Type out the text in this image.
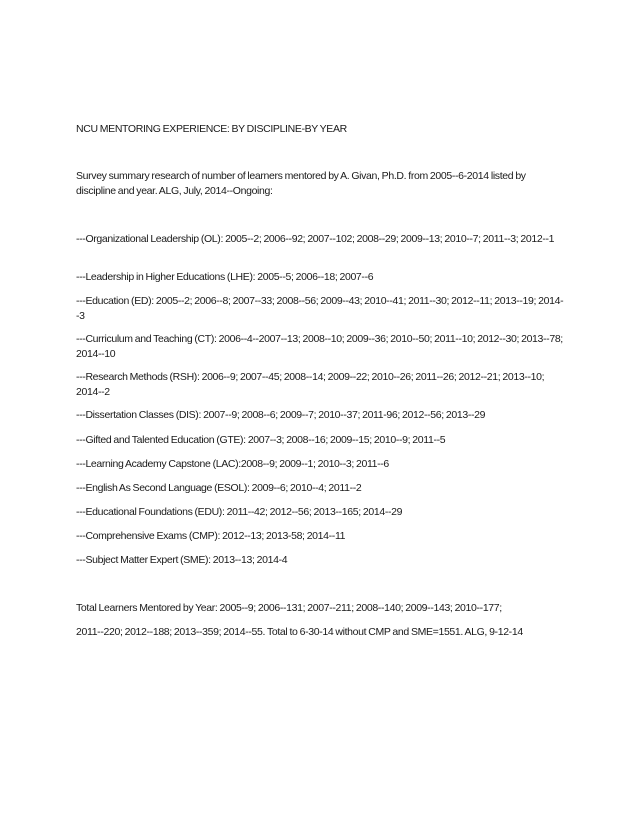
NCU MENTORING EXPERIENCE: BY DISCIPLINE-BY YEAR

Survey summary research of number of learners mentored by A. Givan, Ph.D. from 2005--6-2014 listed by discipline and year. ALG, July, 2014--Ongoing:

---Organizational Leadership (OL): 2005--2; 2006--92; 2007--102; 2008--29; 2009--13; 2010--7; 2011--3; 2012--1

---Leadership in Higher Educations (LHE): 2005--5; 2006--18; 2007--6

---Education (ED): 2005--2; 2006--8; 2007--33; 2008--56; 2009--43; 2010--41; 2011--30; 2012--11; 2013--19; 2014--3

---Curriculum and Teaching (CT): 2006--4--2007--13; 2008--10; 2009--36; 2010--50; 2011--10; 2012--30; 2013--78; 2014--10

---Research Methods (RSH): 2006--9; 2007--45; 2008--14; 2009--22; 2010--26; 2011--26; 2012--21; 2013--10; 2014--2

---Dissertation Classes (DIS): 2007--9; 2008--6; 2009--7; 2010--37; 2011-96; 2012--56; 2013--29

---Gifted and Talented Education (GTE): 2007--3; 2008--16; 2009--15; 2010--9; 2011--5

---Learning Academy Capstone (LAC):2008--9; 2009--1; 2010--3; 2011--6

---English As Second Language (ESOL): 2009--6; 2010--4; 2011--2

---Educational Foundations (EDU): 2011--42; 2012--56; 2013--165; 2014--29

---Comprehensive Exams (CMP): 2012--13; 2013-58; 2014--11

---Subject Matter Expert (SME): 2013--13; 2014-4

Total Learners Mentored by Year: 2005--9; 2006--131; 2007--211; 2008--140; 2009--143; 2010--177;

2011--220; 2012--188; 2013--359; 2014--55. Total to 6-30-14 without CMP and SME=1551. ALG, 9-12-14
